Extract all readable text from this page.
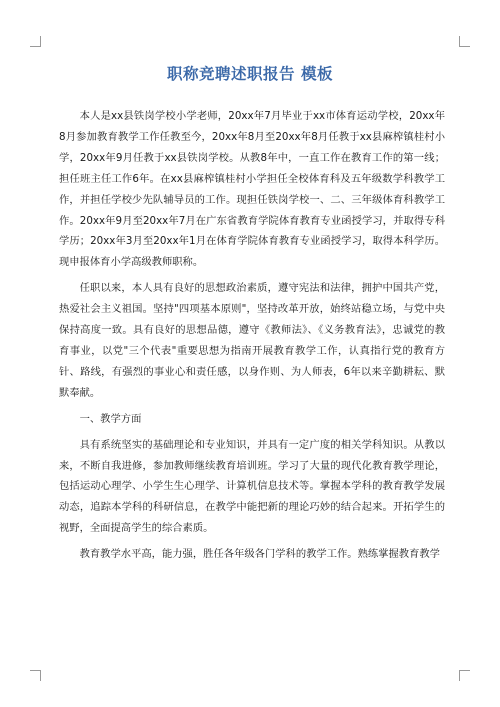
职称竞聘述职报告 模板

本人是xx县铁岗学校小学老师，20xx年7月毕业于xx市体育运动学校，20xx年8月参加教育教学工作任教至今，20xx年8月至20xx年8月任教于xx县麻榨镇桂村小学，20xx年9月任教于xx县铁岗学校。从教8年中，一直工作在教育工作的第一线；担任班主任工作6年。在xx县麻榨镇桂村小学担任全校体育科及五年级数学科教学工作，并担任学校少先队辅导员的工作。现担任铁岗学校一、二、三年级体育科教学工作。20xx年9月至20xx年7月在广东省教育学院体育教育专业函授学习，并取得专科学历；20xx年3月至20xx年1月在体育学院体育教育专业函授学习，取得本科学历。现申报体育小学高级教师职称。

任职以来，本人具有良好的思想政治素质，遵守宪法和法律，拥护中国共产党，热爱社会主义祖国。坚持"四项基本原则"，坚持改革开放，始终站稳立场，与党中央保持高度一致。具有良好的思想品德，遵守《教师法》、《义务教育法》，忠诚党的教育事业，以党"三个代表"重要思想为指南开展教育教学工作，认真指行党的教育方针、路线，有强烈的事业心和责任感，以身作则、为人师表，6年以来辛勤耕耘、默默奉献。

一、教学方面

具有系统坚实的基础理论和专业知识，并具有一定广度的相关学科知识。从教以来，不断自我进修，参加教师继续教育培训班。学习了大量的现代化教育教学理论，包括运动心理学、小学生生心理学、计算机信息技术等。掌握本学科的教育教学发展动态，追踪本学科的科研信息，在教学中能把新的理论巧妙的结合起来。开拓学生的视野，全面提高学生的综合素质。

教育教学水平高，能力强，胜任各年级各门学科的教学工作。熟练掌握教育教学
